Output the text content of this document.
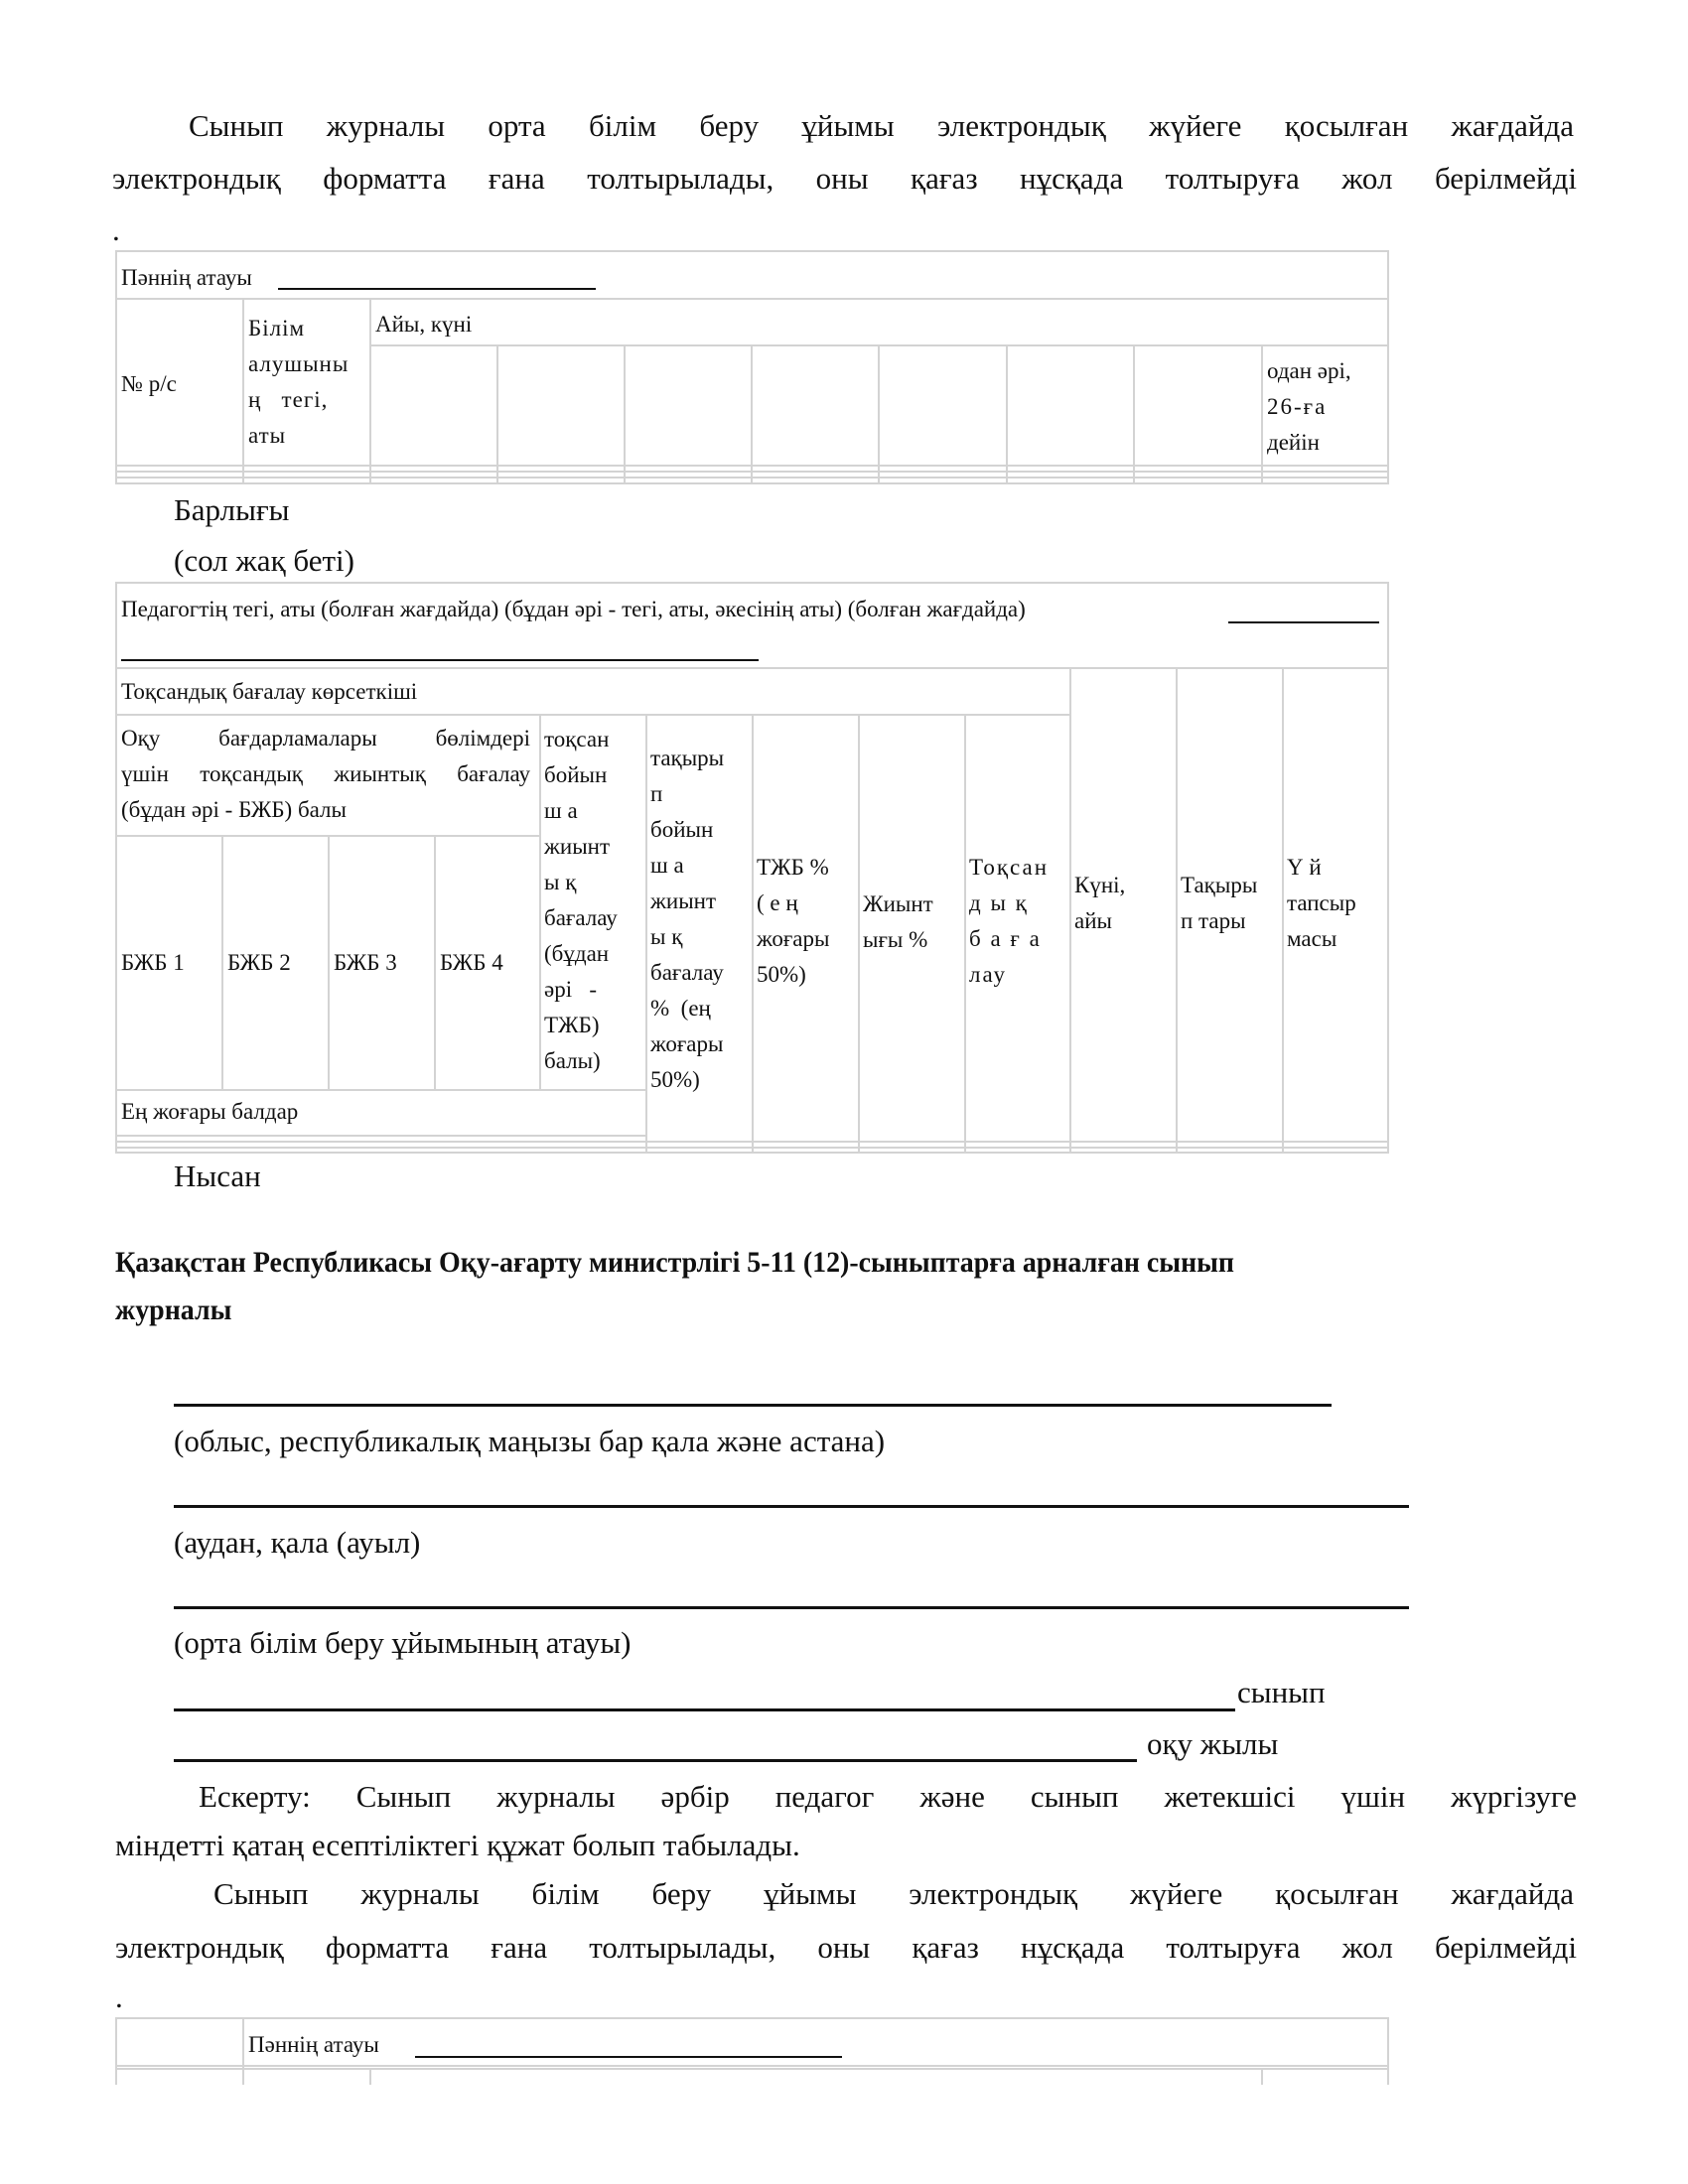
Сынып журналы орта білім беру ұйымы электрондық жүйеге қосылған жағдайда
электрондық форматта ғана толтырылады, оны қағаз нұсқада толтыруға жол берілмейді
.
Пәннің атауы
№ р/с
Білім
алушыны
ң   тегі,
аты
Айы, күні
одан әрі,
26-ға
дейін
Барлығы
(сол жақ беті)
Педагогтің тегі, аты (болған жағдайда) (бұдан әрі - тегі, аты, әкесінің аты) (болған жағдайда)
Тоқсандық бағалау көрсеткіші
Оқу бағдарламалары бөлімдері
үшін тоқсандық жиынтық бағалау
(бұдан әрі - БЖБ) балы
БЖБ 1 БЖБ 2 БЖБ 3 БЖБ 4
тоқсан
бойын
ш а
жиынт
ы қ
бағалау
(бұдан
әрі   -
ТЖБ)
балы)
тақыры
п
бойын
ш а
жиынт
ы қ
бағалау
%  (ең
жоғары
50%)
ТЖБ %
( е ң
жоғары
50%)
Жиынт
ығы %
Тоқсан
д ы қ
б а ғ а
лау
Күні,
айы
Тақыры
п тары
Ү й
тапсыр
масы
Ең жоғары балдар
Нысан
Қазақстан Республикасы Оқу-ағарту министрлігі 5-11 (12)-сыныптарға арналған сынып
журналы
(облыс, республикалық маңызы бар қала және астана)
(аудан, қала (ауыл)
(орта білім беру ұйымының атауы)
сынып
оқу жылы
Ескерту: Сынып журналы әрбір педагог және сынып жетекшісі үшін жүргізуге
міндетті қатаң есептіліктегі құжат болып табылады.
Сынып журналы білім беру ұйымы электрондық жүйеге қосылған жағдайда
электрондық форматта ғана толтырылады, оны қағаз нұсқада толтыруға жол берілмейді
.
Пәннің атауы
